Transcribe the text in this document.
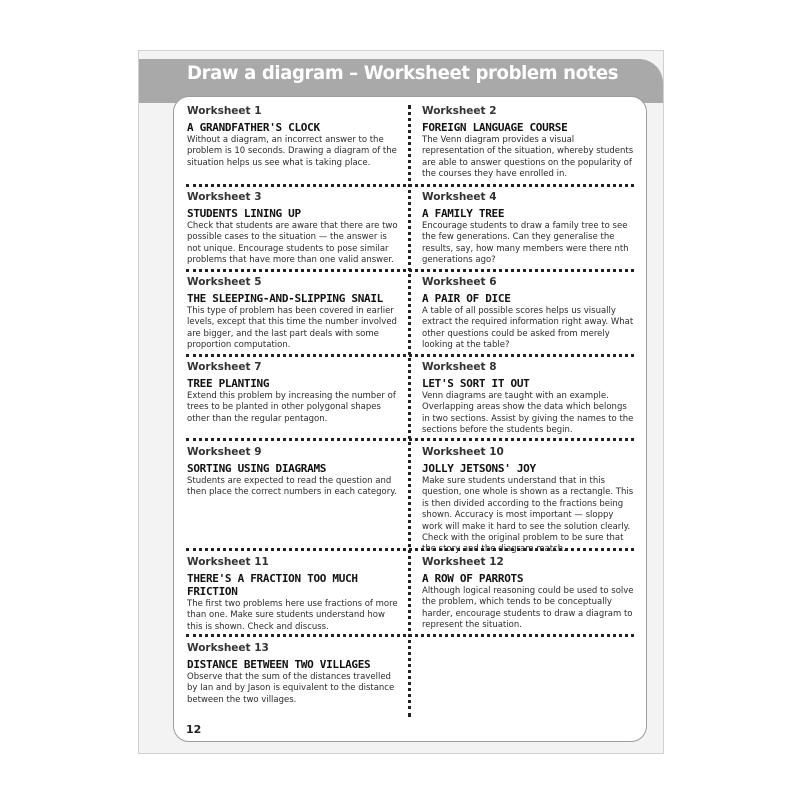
Draw a diagram – Worksheet problem notes
Worksheet 1
A GRANDFATHER'S CLOCK
Without a diagram, an incorrect answer to the problem is 10 seconds. Drawing a diagram of the situation helps us see what is taking place.
Worksheet 2
FOREIGN LANGUAGE COURSE
The Venn diagram provides a visual representation of the situation, whereby students are able to answer questions on the popularity of the courses they have enrolled in.
Worksheet 3
STUDENTS LINING UP
Check that students are aware that there are two possible cases to the situation — the answer is not unique. Encourage students to pose similar problems that have more than one valid answer.
Worksheet 4
A FAMILY TREE
Encourage students to draw a family tree to see the few generations. Can they generalise the results, say, how many members were there nth generations ago?
Worksheet 5
THE SLEEPING-AND-SLIPPING SNAIL
This type of problem has been covered in earlier levels, except that this time the number involved are bigger, and the last part deals with some proportion computation.
Worksheet 6
A PAIR OF DICE
A table of all possible scores helps us visually extract the required information right away. What other questions could be asked from merely looking at the table?
Worksheet 7
TREE PLANTING
Extend this problem by increasing the number of trees to be planted in other polygonal shapes other than the regular pentagon.
Worksheet 8
LET'S SORT IT OUT
Venn diagrams are taught with an example. Overlapping areas show the data which belongs in two sections. Assist by giving the names to the sections before the students begin.
Worksheet 9
SORTING USING DIAGRAMS
Students are expected to read the question and then place the correct numbers in each category.
Worksheet 10
JOLLY JETSONS' JOY
Make sure students understand that in this question, one whole is shown as a rectangle. This is then divided according to the fractions being shown. Accuracy is most important — sloppy work will make it hard to see the solution clearly. Check with the original problem to be sure that the story and the diagram match.
Worksheet 11
THERE'S A FRACTION TOO MUCH FRICTION
The first two problems here use fractions of more than one. Make sure students understand how this is shown. Check and discuss.
Worksheet 12
A ROW OF PARROTS
Although logical reasoning could be used to solve the problem, which tends to be conceptually harder, encourage students to draw a diagram to represent the situation.
Worksheet 13
DISTANCE BETWEEN TWO VILLAGES
Observe that the sum of the distances travelled by Ian and by Jason is equivalent to the distance between the two villages.
12
